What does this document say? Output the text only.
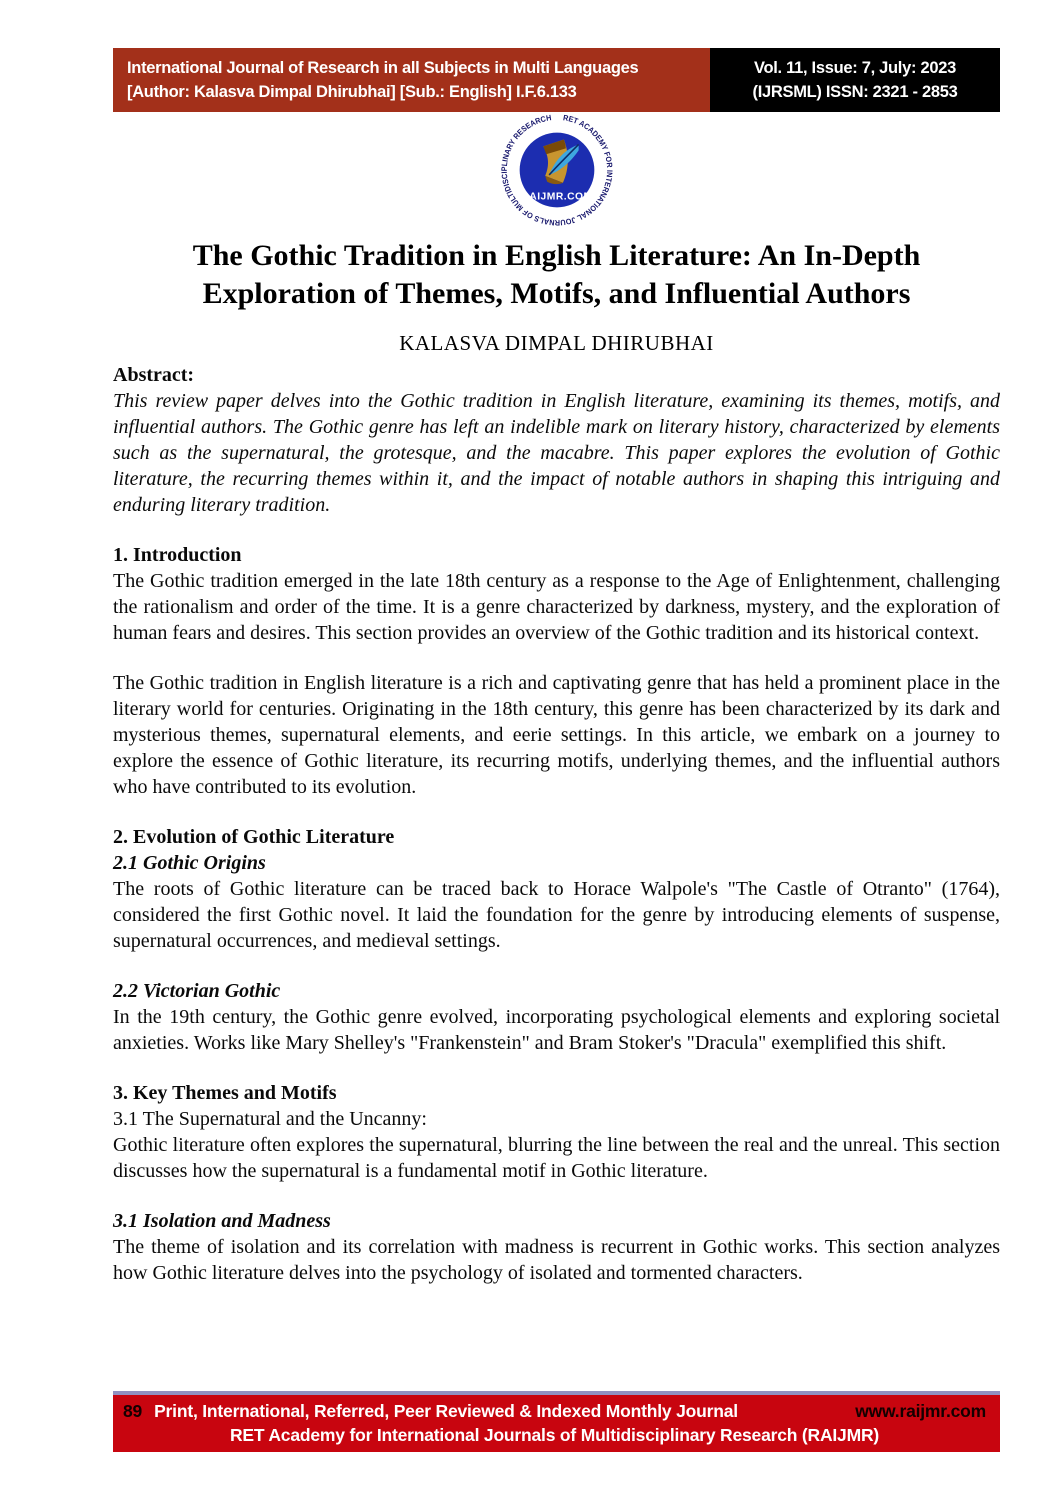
International Journal of Research in all Subjects in Multi Languages
[Author: Kalasva Dimpal Dhirubhai] [Sub.: English] I.F.6.133
Vol. 11, Issue: 7, July: 2023
(IJRSML) ISSN: 2321 - 2853
RET ACADEMY FOR INTERNATIONAL JOURNALS OF MULTIDISCIPLINARY RESEARCH
RAIJMR.COM
The Gothic Tradition in English Literature: An In-Depth
Exploration of Themes, Motifs, and Influential Authors
KALASVA DIMPAL DHIRUBHAI
Abstract:

This review paper delves into the Gothic tradition in English literature, examining its themes, motifs, and influential authors. The Gothic genre has left an indelible mark on literary history, characterized by elements such as the supernatural, the grotesque, and the macabre. This paper explores the evolution of Gothic literature, the recurring themes within it, and the impact of notable authors in shaping this intriguing and enduring literary tradition.

1. Introduction

The Gothic tradition emerged in the late 18th century as a response to the Age of Enlightenment, challenging the rationalism and order of the time. It is a genre characterized by darkness, mystery, and the exploration of human fears and desires. This section provides an overview of the Gothic tradition and its historical context.

The Gothic tradition in English literature is a rich and captivating genre that has held a prominent place in the literary world for centuries. Originating in the 18th century, this genre has been characterized by its dark and mysterious themes, supernatural elements, and eerie settings. In this article, we embark on a journey to explore the essence of Gothic literature, its recurring motifs, underlying themes, and the influential authors who have contributed to its evolution.

2. Evolution of Gothic Literature
2.1 Gothic Origins

The roots of Gothic literature can be traced back to Horace Walpole's "The Castle of Otranto" (1764), considered the first Gothic novel. It laid the foundation for the genre by introducing elements of suspense, supernatural occurrences, and medieval settings.

2.2 Victorian Gothic

In the 19th century, the Gothic genre evolved, incorporating psychological elements and exploring societal anxieties. Works like Mary Shelley's "Frankenstein" and Bram Stoker's "Dracula" exemplified this shift.

3. Key Themes and Motifs
3.1 The Supernatural and the Uncanny:

Gothic literature often explores the supernatural, blurring the line between the real and the unreal. This section discusses how the supernatural is a fundamental motif in Gothic literature.

3.1 Isolation and Madness

The theme of isolation and its correlation with madness is recurrent in Gothic works. This section analyzes how Gothic literature delves into the psychology of isolated and tormented characters.

89 Print, International, Referred, Peer Reviewed & Indexed Monthly Journal	www.raijmr.com
RET Academy for International Journals of Multidisciplinary Research (RAIJMR)
